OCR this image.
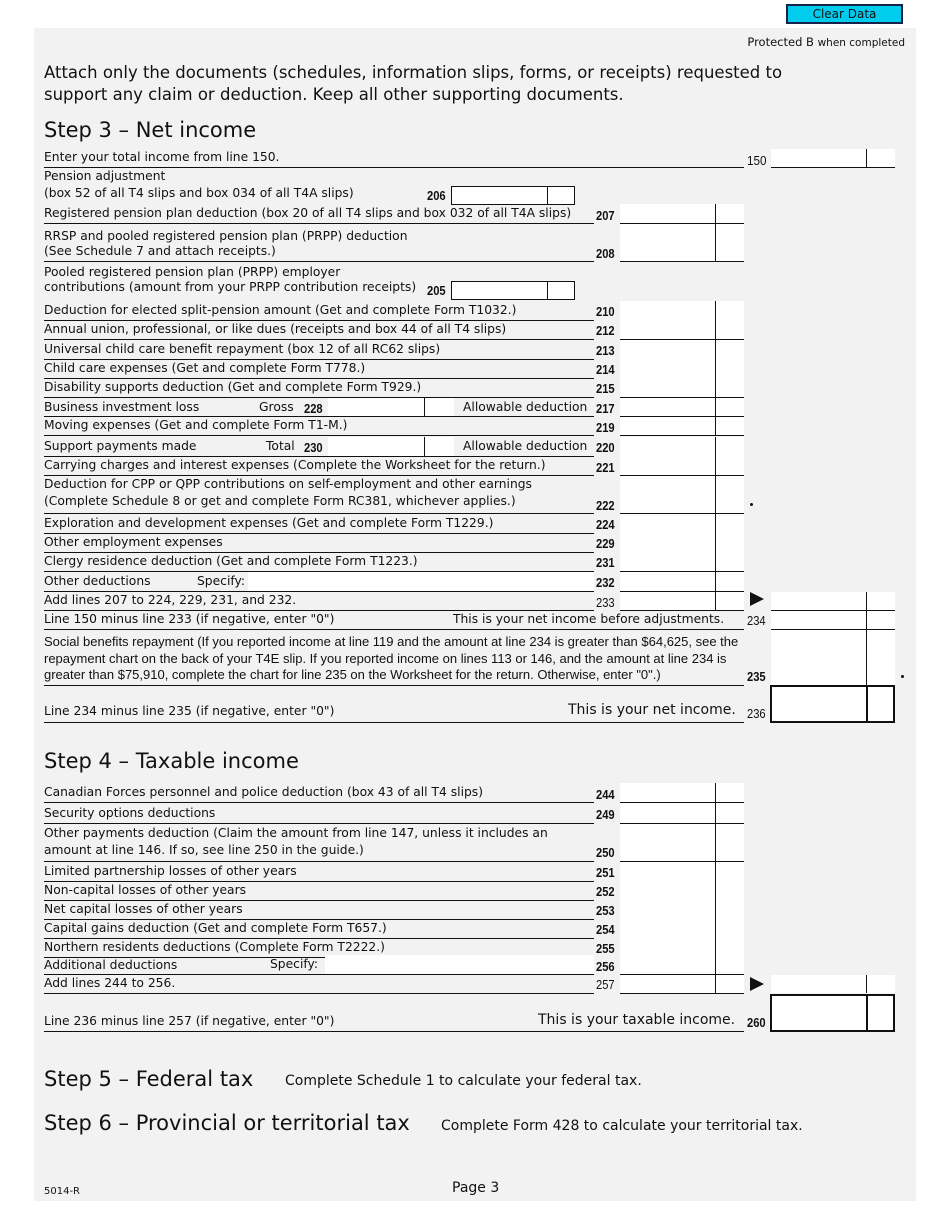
Clear Data
Protected B when completed
Attach only the documents (schedules, information slips, forms, or receipts) requested to support any claim or deduction. Keep all other supporting documents.
Step 3 – Net income
Enter your total income from line 150.	150
Pension adjustment
(box 52 of all T4 slips and box 034 of all T4A slips)	206
Registered pension plan deduction (box 20 of all T4 slips and box 032 of all T4A slips) 207
RRSP and pooled registered pension plan (PRPP) deduction
(See Schedule 7 and attach receipts.)	208
Pooled registered pension plan (PRPP) employer
contributions (amount from your PRPP contribution receipts) 205
Deduction for elected split-pension amount (Get and complete Form T1032.)	210
Annual union, professional, or like dues (receipts and box 44 of all T4 slips)	212
Universal child care benefit repayment (box 12 of all RC62 slips)	213
Child care expenses (Get and complete Form T778.)	214
Disability supports deduction (Get and complete Form T929.)	215
Business investment loss	Gross 228	Allowable deduction 217
Moving expenses (Get and complete Form T1-M.)	219
Support payments made	Total 230	Allowable deduction 220
Carrying charges and interest expenses (Complete the Worksheet for the return.)	221
Deduction for CPP or QPP contributions on self-employment and other earnings
(Complete Schedule 8 or get and complete Form RC381, whichever applies.)	222
Exploration and development expenses (Get and complete Form T1229.)	224
Other employment expenses	229
Clergy residence deduction (Get and complete Form T1223.)	231
Other deductions	Specify:	232
Add lines 207 to 224, 229, 231, and 232.	233
Line 150 minus line 233 (if negative, enter "0")	This is your net income before adjustments. 234
Social benefits repayment (If you reported income at line 119 and the amount at line 234 is greater than $64,625, see the repayment chart on the back of your T4E slip. If you reported income on lines 113 or 146, and the amount at line 234 is greater than $75,910, complete the chart for line 235 on the Worksheet for the return. Otherwise, enter "0".)	235
Line 234 minus line 235 (if negative, enter "0")	This is your net income. 236
Step 4 – Taxable income
Canadian Forces personnel and police deduction (box 43 of all T4 slips)	244
Security options deductions	249
Other payments deduction (Claim the amount from line 147, unless it includes an
amount at line 146. If so, see line 250 in the guide.)	250
Limited partnership losses of other years	251
Non-capital losses of other years	252
Net capital losses of other years	253
Capital gains deduction (Get and complete Form T657.)	254
Northern residents deductions (Complete Form T2222.)	255
Additional deductions	Specify:	256
Add lines 244 to 256.	257
Line 236 minus line 257 (if negative, enter "0")	This is your taxable income. 260
Step 5 – Federal tax Complete Schedule 1 to calculate your federal tax.
Step 6 – Provincial or territorial tax Complete Form 428 to calculate your territorial tax.
5014-R	Page 3
